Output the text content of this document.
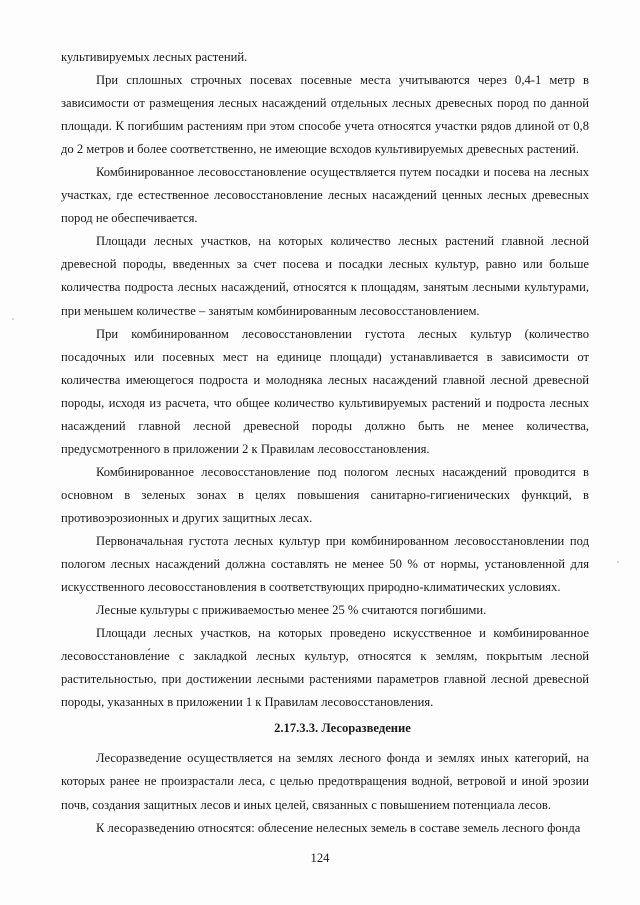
культивируемых лесных растений.

При сплошных строчных посевах посевные места учитываются через 0,4-1 метр в зависимости от размещения лесных насаждений отдельных лесных древесных пород по данной площади. К погибшим растениям при этом способе учета относятся участки рядов длиной от 0,8 до 2 метров и более соответственно, не имеющие всходов культивируемых древесных растений.

Комбинированное лесовосстановление осуществляется путем посадки и посева на лесных участках, где естественное лесовосстановление лесных насаждений ценных лесных древесных пород не обеспечивается.

Площади лесных участков, на которых количество лесных растений главной лесной древесной породы, введенных за счет посева и посадки лесных культур, равно или больше количества подроста лесных насаждений, относятся к площадям, занятым лесными культурами, при меньшем количестве – занятым комбинированным лесовосстановлением.

При комбинированном лесовосстановлении густота лесных культур (количество посадочных или посевных мест на единице площади) устанавливается в зависимости от количества имеющегося подроста и молодняка лесных насаждений главной лесной древесной породы, исходя из расчета, что общее количество культивируемых растений и подроста лесных насаждений главной лесной древесной породы должно быть не менее количества, предусмотренного в приложении 2 к Правилам лесовосстановления.

Комбинированное лесовосстановление под пологом лесных насаждений проводится в основном в зеленых зонах в целях повышения санитарно-гигиенических функций, в противоэрозионных и других защитных лесах.

Первоначальная густота лесных культур при комбинированном лесовосстановлении под пологом лесных насаждений должна составлять не менее 50 % от нормы, установленной для искусственного лесовосстановления в соответствующих природно-климатических условиях.

Лесные культуры с приживаемостью менее 25 % считаются погибшими.

Площади лесных участков, на которых проведено искусственное и комбинированное лесовосстановле́ние с закладкой лесных культур, относятся к землям, покрытым лесной растительностью, при достижении лесными растениями параметров главной лесной древесной породы, указанных в приложении 1 к Правилам лесовосстановления.

2.17.3.3. Лесоразведение

Лесоразведение осуществляется на землях лесного фонда и землях иных категорий, на которых ранее не произрастали леса, с целью предотвращения водной, ветровой и иной эрозии почв, создания защитных лесов и иных целей, связанных с повышением потенциала лесов.

К лесоразведению относятся: облесение нелесных земель в составе земель лесного фонда

124
